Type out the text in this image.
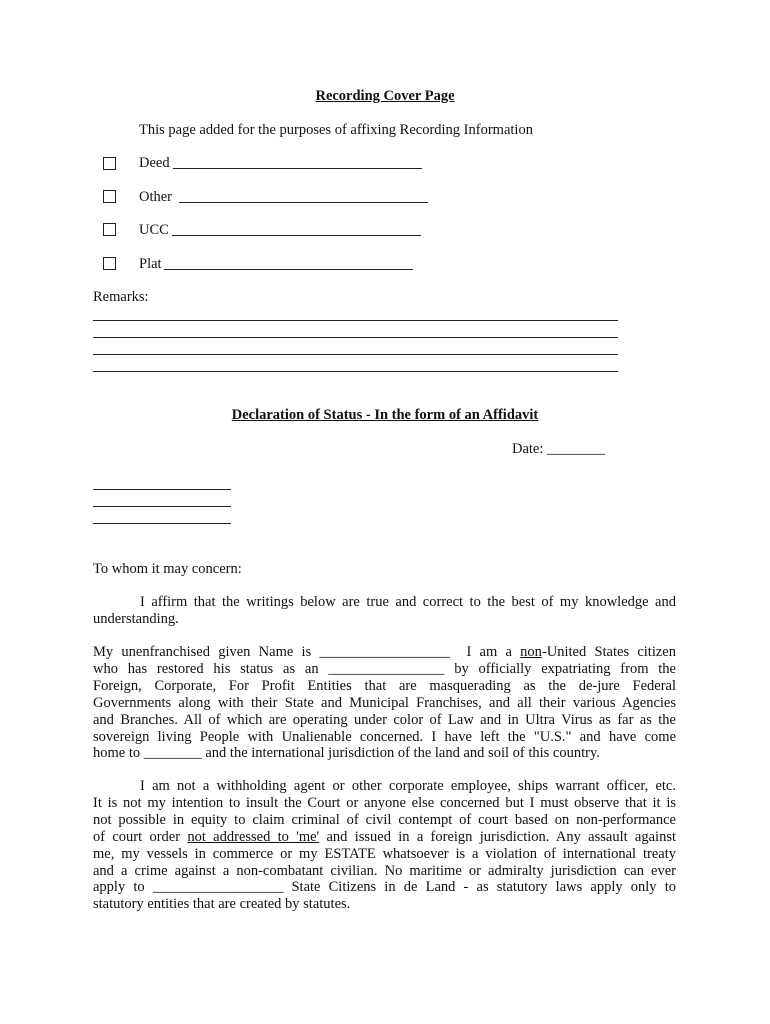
Recording Cover Page
This page added for the purposes of affixing Recording Information
Deed
Other
UCC
Plat
Remarks:
Declaration of Status - In the form of an Affidavit
Date: ________
To whom it may concern:
I affirm that the writings below are true and correct to the best of my knowledge and
understanding.
My unenfranchised given Name is __________________  I am a non-United States citizen
who has restored his status as an ________________ by officially expatriating from the
Foreign, Corporate, For Profit Entities that are masquerading as the de-jure Federal
Governments along with their State and Municipal Franchises, and all their various Agencies
and Branches. All of which are operating under color of Law and in Ultra Virus as far as the
sovereign living People with Unalienable concerned. I have left the "U.S." and have come
home to ________ and the international jurisdiction of the land and soil of this country.
I am not a withholding agent or other corporate employee, ships warrant officer, etc.
It is not my intention to insult the Court or anyone else concerned but I must observe that it is
not possible in equity to claim criminal of civil contempt of court based on non-performance
of court order not addressed to 'me' and issued in a foreign jurisdiction. Any assault against
me, my vessels in commerce or my ESTATE whatsoever is a violation of international treaty
and a crime against a non-combatant civilian. No maritime or admiralty jurisdiction can ever
apply to __________________ State Citizens in de Land - as statutory laws apply only to
statutory entities that are created by statutes.
